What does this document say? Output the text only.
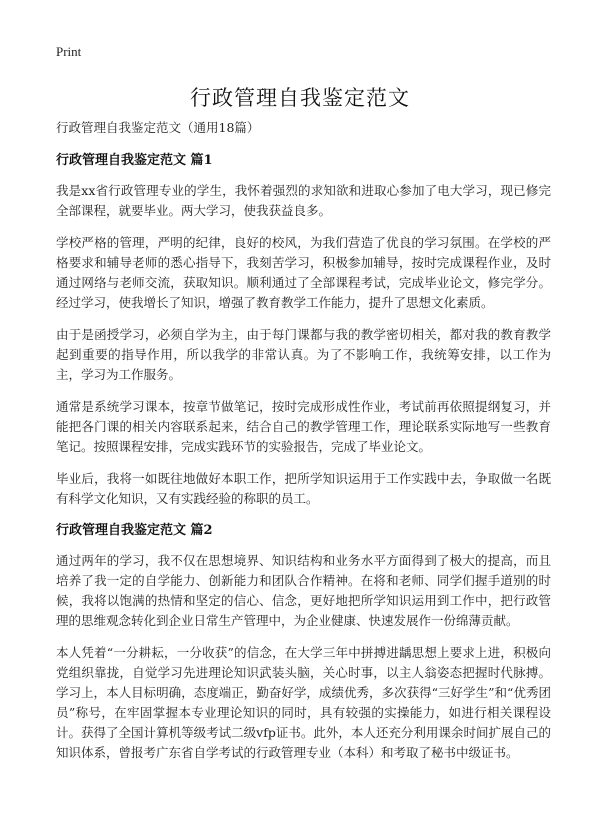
Print
行政管理自我鉴定范文

行政管理自我鉴定范文（通用18篇）

行政管理自我鉴定范文 篇1

我是xx省行政管理专业的学生，我怀着强烈的求知欲和进取心参加了电大学习，现已修完全部课程，就要毕业。两大学习，使我获益良多。

学校严格的管理，严明的纪律，良好的校风，为我们营造了优良的学习氛围。在学校的严格要求和辅导老师的悉心指导下，我刻苦学习，积极参加辅导，按时完成课程作业，及时通过网络与老师交流，获取知识。顺利通过了全部课程考试，完成毕业论文，修完学分。经过学习，使我增长了知识，增强了教育教学工作能力，提升了思想文化素质。

由于是函授学习，必须自学为主，由于每门课都与我的教学密切相关，都对我的教育教学起到重要的指导作用，所以我学的非常认真。为了不影响工作，我统筹安排，以工作为主，学习为工作服务。

通常是系统学习课本，按章节做笔记，按时完成形成性作业，考试前再依照提纲复习，并能把各门课的相关内容联系起来，结合自己的教学管理工作，理论联系实际地写一些教育笔记。按照课程安排，完成实践环节的实验报告，完成了毕业论文。

毕业后，我将一如既往地做好本职工作，把所学知识运用于工作实践中去，争取做一名既有科学文化知识，又有实践经验的称职的员工。

行政管理自我鉴定范文 篇2

通过两年的学习，我不仅在思想境界、知识结构和业务水平方面得到了极大的提高，而且培养了我一定的自学能力、创新能力和团队合作精神。在将和老师、同学们握手道别的时候，我将以饱满的热情和坚定的信心、信念，更好地把所学知识运用到工作中，把行政管理的思维观念转化到企业日常生产管理中，为企业健康、快速发展作一份绵薄贡献。

本人凭着“一分耕耘，一分收获”的信念，在大学三年中拼搏进龋思想上要求上进，积极向党组织靠拢，自觉学习先进理论知识武装头脑，关心时事，以主人翁姿态把握时代脉搏。学习上，本人目标明确，态度端正，勤奋好学，成绩优秀，多次获得“三好学生”和“优秀团员”称号，在牢固掌握本专业理论知识的同时，具有较强的实操能力，如进行相关课程设计。获得了全国计算机等级考试二级vfp证书。此外，本人还充分利用课余时间扩展自己的知识体系，曾报考广东省自学考试的行政管理专业（本科）和考取了秘书中级证书。
